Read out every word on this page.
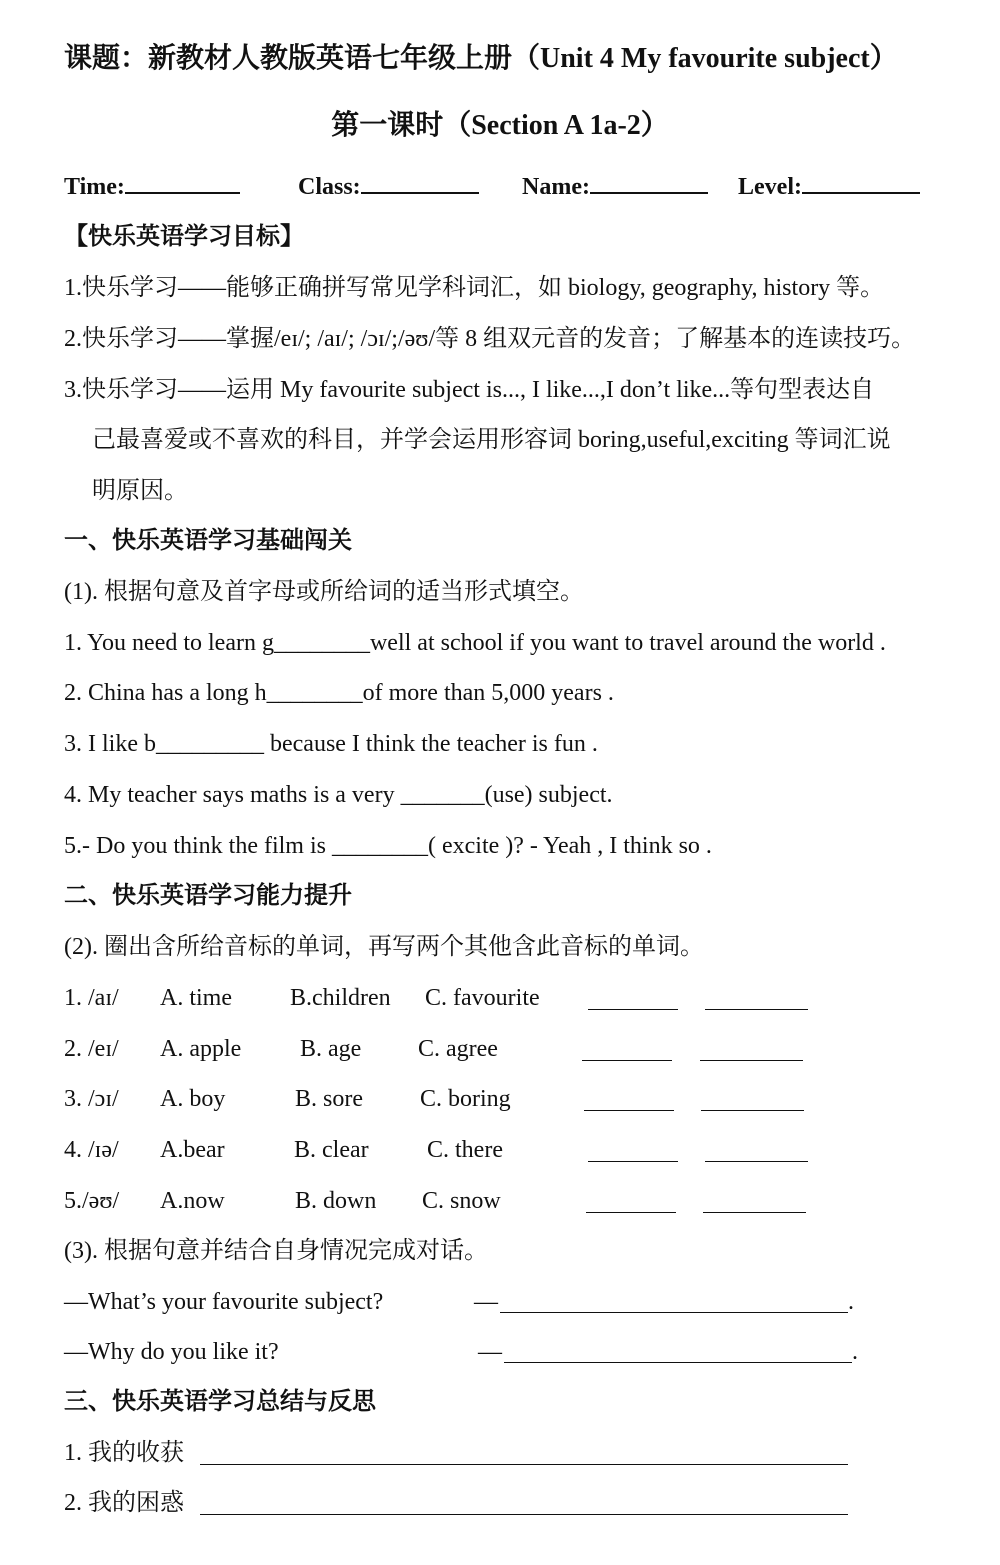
课题：新教材人教版英语七年级上册（Unit 4 My favourite subject）
第一课时（Section A 1a-2）
Time:	Class:	Name:	Level:
【快乐英语学习目标】
1.快乐学习——能够正确拼写常见学科词汇，如 biology, geography, history 等。
2.快乐学习——掌握/eɪ/; /aɪ/; /ɔɪ/;/əʊ/等 8 组双元音的发音；了解基本的连读技巧。
3.快乐学习——运用 My favourite subject is..., I like...,I don’t like...等句型表达自
己最喜爱或不喜欢的科目，并学会运用形容词 boring,useful,exciting 等词汇说
明原因。
一、快乐英语学习基础闯关
(1). 根据句意及首字母或所给词的适当形式填空。
1. You need to learn g________well at school if you want to travel around the world .
2. China has a long h________of more than 5,000 years .
3. I like b_________ because I think the teacher is fun .
4. My teacher says maths is a very _______(use) subject.
5.- Do you think the film is ________( excite )? - Yeah , I think so .
二、快乐英语学习能力提升
(2). 圈出含所给音标的单词，再写两个其他含此音标的单词。
1. /aɪ/ A. time B.children C. favourite
2. /eɪ/ A. apple B. age C. agree
3. /ɔɪ/ A. boy	B. sore C. boring
4. /ɪə/ A.bear	B. clear C. there
5./əʊ/ A.now	B. down C. snow
(3). 根据句意并结合自身情况完成对话。
—What’s your favourite subject?	—	.
—Why do you like it?	—	.
三、快乐英语学习总结与反思
1. 我的收获
2. 我的困惑
